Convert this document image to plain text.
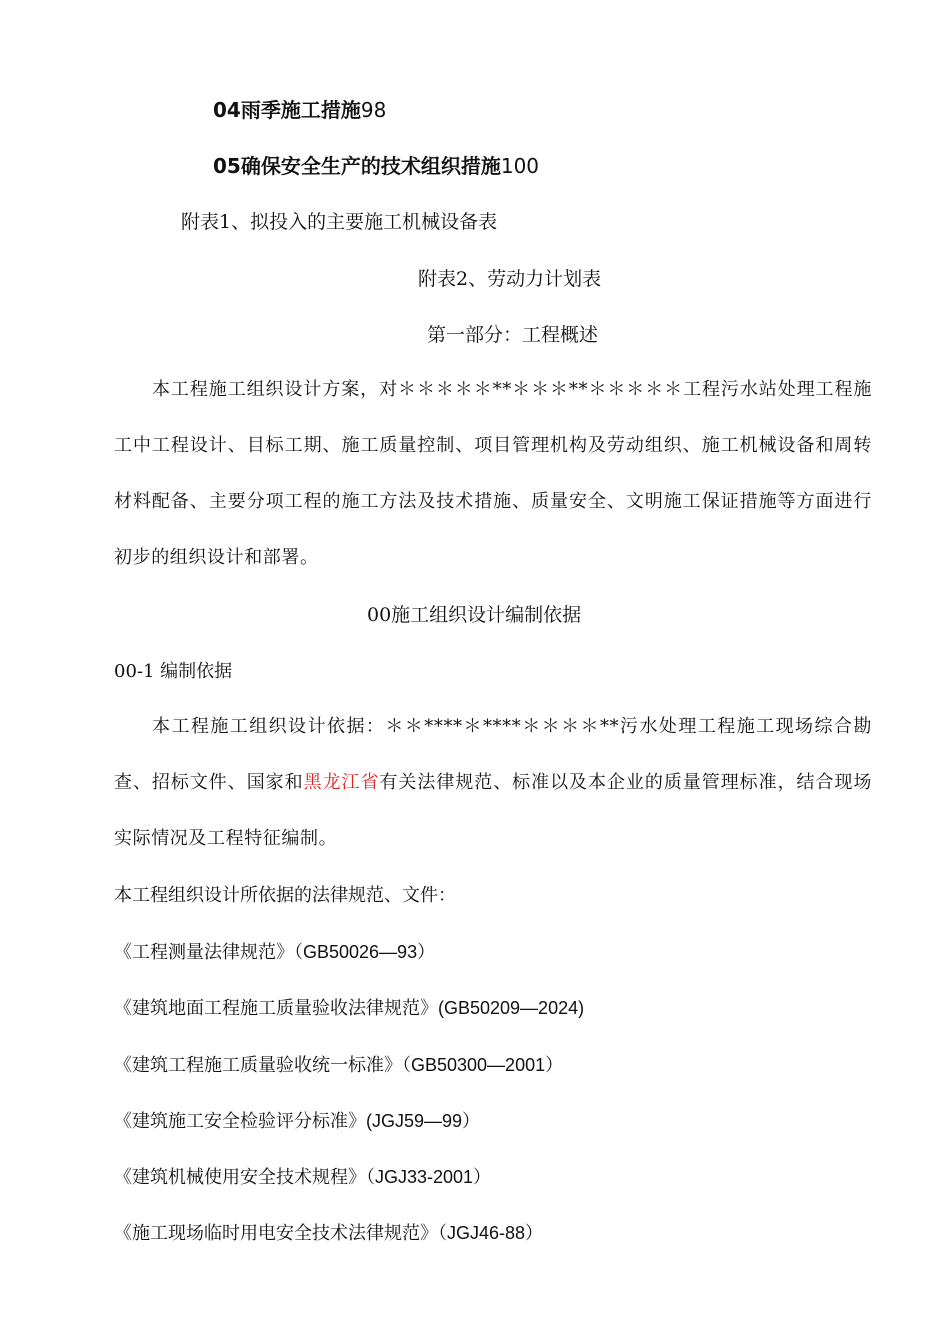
04雨季施工措施98
05确保安全生产的技术组织措施100
附表1、拟投入的主要施工机械设备表
附表2、劳动力计划表
第一部分：工程概述
本工程施工组织设计方案，对＊＊＊＊＊**＊＊＊**＊＊＊＊＊工程污水站处理工程施工中工程设计、目标工期、施工质量控制、项目管理机构及劳动组织、施工机械设备和周转材料配备、主要分项工程的施工方法及技术措施、质量安全、文明施工保证措施等方面进行初步的组织设计和部署。
00施工组织设计编制依据
00-1 编制依据
本工程施工组织设计依据：＊＊****＊****＊＊＊＊**污水处理工程施工现场综合勘查、招标文件、国家和黑龙江省有关法律规范、标准以及本企业的质量管理标准，结合现场实际情况及工程特征编制。
本工程组织设计所依据的法律规范、文件：
《工程测量法律规范》（GB50026—93）
《建筑地面工程施工质量验收法律规范》(GB50209—2024)
《建筑工程施工质量验收统一标准》（GB50300—2001）
《建筑施工安全检验评分标准》(JGJ59—99）
《建筑机械使用安全技术规程》（JGJ33-2001）
《施工现场临时用电安全技术法律规范》（JGJ46-88）
